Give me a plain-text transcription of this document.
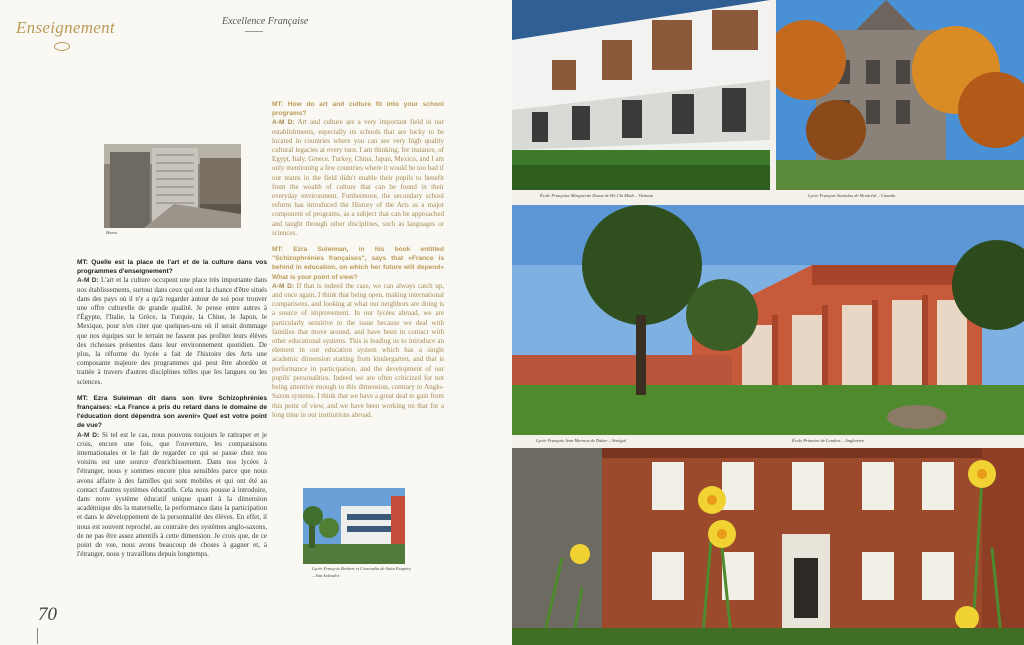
Enseignement	Excellence Française
Hanoï

MT: Quelle est la place de l'art et de la culture dans vos programmes d'enseignement?

A-M D: L'art et la culture occupent une place très importante dans nos établissements, surtout dans ceux qui ont la chance d'être situés dans des pays où il n'y a qu'à regarder autour de soi pour trouver une offre culturelle de grande qualité. Je pense entre autres à l'Égypte, l'Italie, la Grèce, la Turquie, la Chine, le Japon, le Mexique, pour n'en citer que quelques-uns où il serait dommage que nos équipes sur le terrain ne fassent pas profiter leurs élèves des richesses présentes dans leur environnement quotidien. De plus, la réforme du lycée a fait de l'histoire des Arts une composante majeure des programmes qui peut être abordée et traitée à travers d'autres disciplines telles que les langues ou les sciences.

MT: Ezra Suleiman dit dans son livre Schizophrénies françaises: «La France a pris du retard dans le domaine de l'éducation dont dépendra son avenir» Quel est votre point de vue?

A-M D: Si tel est le cas, nous pouvons toujours le rattraper et je crois, encore une fois, que l'ouverture, les comparaisons internationales et le fait de regarder ce qui se passe chez nos voisins est une source d'enrichissement. Dans nos lycées à l'étranger, nous y sommes encore plus sensibles parce que nous avons affaire à des familles qui sont mobiles et qui ont été au contact d'autres systèmes éducatifs. Cela nous pousse à introduire, dans notre système éducatif unique quant à la dimension académique dès la maternelle, la performance dans la participation et dans le développement de la personnalité des élèves. En effet, il nous est souvent reproché, au contraire des systèmes anglo-saxons, de ne pas être assez attentifs à cette dimension. Je crois que, de ce point de vue, nous avons beaucoup de choses à gagner et, à l'étranger, nous y travaillons depuis longtemps.

MT: How do art and culture fit into your school programs?

A-M D: Art and culture are a very important field in our establishments, especially its schools that are lucky to be located in countries where you can see very high quality cultural legacies at every turn. I am thinking, for instance, of Egypt, Italy, Greece, Turkey, China, Japan, Mexico, and I am only mentioning a few countries where it would be too bad if our teams in the field didn't enable their pupils to benefit from the wealth of culture that can be found in their everyday environment. Furthermore, the secondary school reform has introduced the History of the Arts as a major component of programs, as a subject that can be approached and taught through other disciplines, such as languages or sciences.

MT: Ezra Suleiman, in his book entitled "Schizophrénies françaises", says that «France is behind in education, on which her future will depend» What is your point of view?

A-M D: If that is indeed the case, we can always catch up, and once again, I think that being open, making international comparisons, and looking at what our neighbors are doing is a source of improvement. In our lycées abroad, we are particularly sensitive to the issue because we deal with families that move around, and have been in contact with other educational systems. This is leading us to introduce an element in our education system which has a single academic dimension starting from kindergarten, and that is performance in participation, and the development of our pupils' personalities. Indeed we are often criticized for not being attentive enough to this dimension, contrary to Anglo-Saxon systems. I think that we have a great deal to gain from this point of view, and we have been working on that for a long time in our institutions abroad.

Lycée François Berbert et Concordia de Saint Exupéry
– San Salvador
70
École Française Marguerite Duras de Hô Chi Minh – Vietnam	Lycée Français Stanislas de Montréal – Canada
Lycée Français Jean Mermoz de Dakar – Sénégal	École Primaire de Londres – Angleterre
